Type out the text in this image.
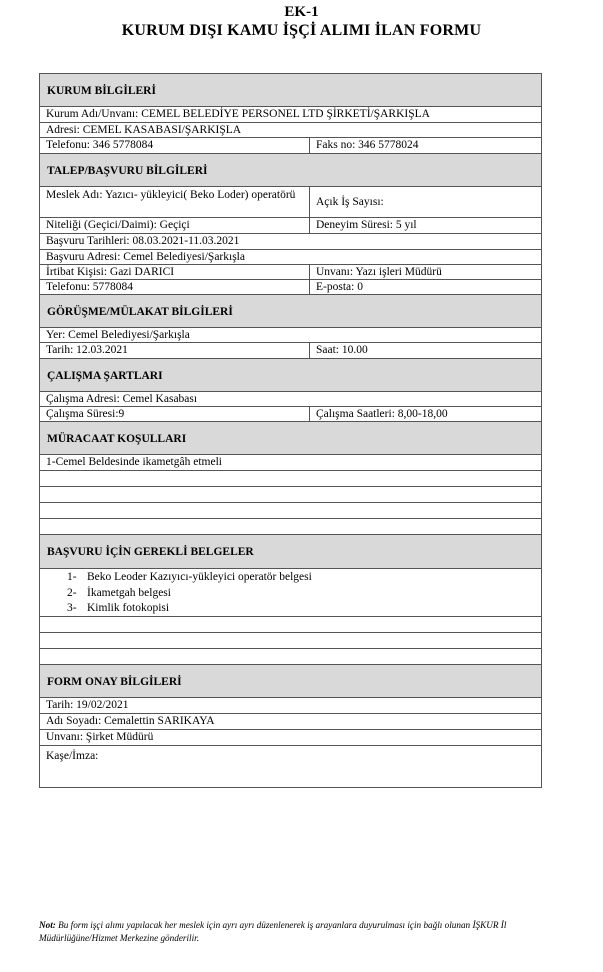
EK-1
KURUM DIŞI KAMU İŞÇİ ALIMI İLAN FORMU
KURUM BİLGİLERİ
Kurum Adı/Unvanı: CEMEL BELEDİYE PERSONEL LTD ŞİRKETİ/ŞARKIŞLA
Adresi: CEMEL KASABASI/ŞARKIŞLA
Telefonu: 346 5778084	Faks no: 346 5778024
TALEP/BAŞVURU BİLGİLERİ
Meslek Adı: Yazıcı- yükleyici( Beko Loder) operatörü
Açık İş Sayısı:
Niteliği (Geçici/Daimi): Geçiçi	Deneyim Süresi: 5 yıl
Başvuru Tarihleri: 08.03.2021-11.03.2021
Başvuru Adresi: Cemel Belediyesi/Şarkışla
İrtibat Kişisi: Gazi DARICI	Unvanı: Yazı işleri Müdürü
Telefonu: 5778084	E-posta: 0
GÖRÜŞME/MÜLAKAT BİLGİLERİ
Yer: Cemel Belediyesi/Şarkışla
Tarih: 12.03.2021	Saat: 10.00
ÇALIŞMA ŞARTLARI
Çalışma Adresi: Cemel Kasabası
Çalışma Süresi:9	Çalışma Saatleri: 8,00-18,00
MÜRACAAT KOŞULLARI
1-Cemel Beldesinde ikametgâh etmeli
BAŞVURU İÇİN GEREKLİ BELGELER
1- Beko Leoder Kazıyıcı-yükleyici operatör belgesi
2- İkametgah belgesi
3- Kimlik fotokopisi
FORM ONAY BİLGİLERİ
Tarih: 19/02/2021
Adı Soyadı: Cemalettin SARIKAYA
Unvanı: Şirket Müdürü
Kaşe/İmza:
Not: Bu form işçi alımı yapılacak her meslek için ayrı ayrı düzenlenerek iş arayanlara duyurulması için bağlı olunan İŞKUR İl Müdürlüğüne/Hizmet Merkezine gönderilir.
